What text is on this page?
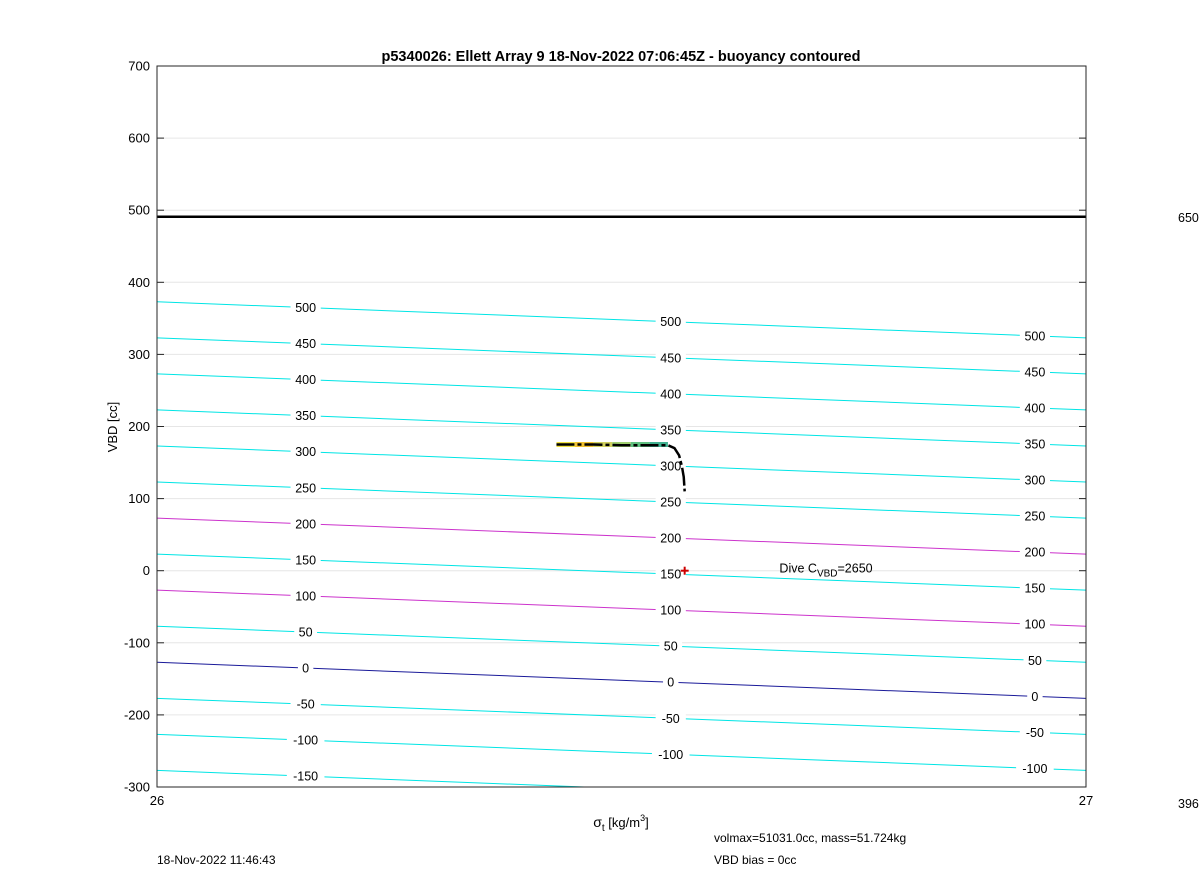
500
500
500
450
450
450
400
400
400
350
350
350
300
300
300
250
250
250
200
200
200
150
150
150
100
100
100
50
50
50
0
0
0
-50
-50
-50
-100
-100
-100
-150
700
600
500
400
300
200
100
0
-100
-200
-300
26	27
p5340026: Ellett Array 9 18-Nov-2022 07:06:45Z - buoyancy contoured
VBD [cc]
$\sigma_t$ $[kg/m^3]$
650
396
Dive $C_{VBD}=2650$
18-Nov-2022 11:46:43
volmax=51031.0cc, mass=51.724kg
VBD bias = 0cc
